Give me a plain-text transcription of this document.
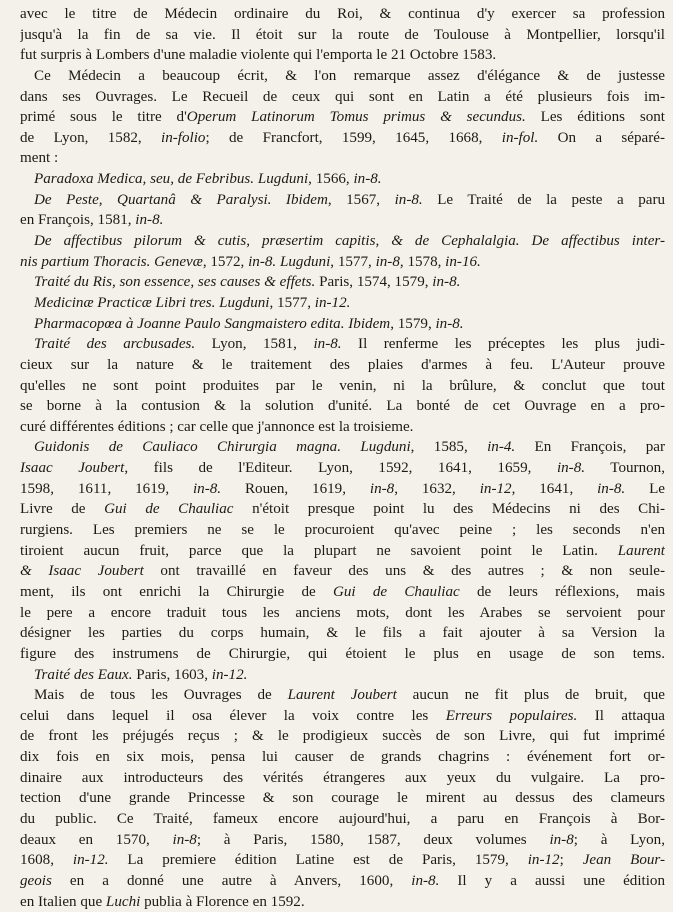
avec le titre de Médecin ordinaire du Roi, & continua d'y exercer sa profession
jusqu'à la fin de sa vie. Il étoit sur la route de Toulouse à Montpellier, lorsqu'il
fut surpris à Lombers d'une maladie violente qui l'emporta le 21 Octobre 1583.
Ce Médecin a beaucoup écrit, & l'on remarque assez d'élégance & de justesse
dans ses Ouvrages. Le Recueil de ceux qui sont en Latin a été plusieurs fois im-
primé sous le titre d'Operum Latinorum Tomus primus & secundus. Les éditions sont
de Lyon, 1582, in-folio; de Francfort, 1599, 1645, 1668, in-fol. On a séparé-
ment :
Paradoxa Medica, seu, de Febribus. Lugduni, 1566, in-8.
De Peste, Quartanâ & Paralysi. Ibidem, 1567, in-8. Le Traité de la peste a paru
en François, 1581, in-8.
De affectibus pilorum & cutis, præsertim capitis, & de Cephalalgia. De affectibus inter-
nis partium Thoracis. Genevæ, 1572, in-8. Lugduni, 1577, in-8, 1578, in-16.
Traité du Ris, son essence, ses causes & effets. Paris, 1574, 1579, in-8.
Medicinæ Practicæ Libri tres. Lugduni, 1577, in-12.
Pharmacopœa à Joanne Paulo Sangmaistero edita. Ibidem, 1579, in-8.
Traité des arcbusades. Lyon, 1581, in-8. Il renferme les préceptes les plus judi-
cieux sur la nature & le traitement des plaies d'armes à feu. L'Auteur prouve
qu'elles ne sont point produites par le venin, ni la brûlure, & conclut que tout
se borne à la contusion & la solution d'unité. La bonté de cet Ouvrage en a pro-
curé différentes éditions ; car celle que j'annonce est la troisieme.
Guidonis de Cauliaco Chirurgia magna. Lugduni, 1585, in-4. En François, par
Isaac Joubert, fils de l'Editeur. Lyon, 1592, 1641, 1659, in-8. Tournon,
1598, 1611, 1619, in-8. Rouen, 1619, in-8, 1632, in-12, 1641, in-8. Le
Livre de Gui de Chauliac n'étoit presque point lu des Médecins ni des Chi-
rurgiens. Les premiers ne se le procuroient qu'avec peine ; les seconds n'en
tiroient aucun fruit, parce que la plupart ne savoient point le Latin. Laurent
& Isaac Joubert ont travaillé en faveur des uns & des autres ; & non seule-
ment, ils ont enrichi la Chirurgie de Gui de Chauliac de leurs réflexions, mais
le pere a encore traduit tous les anciens mots, dont les Arabes se servoient pour
désigner les parties du corps humain, & le fils a fait ajouter à sa Version la
figure des instrumens de Chirurgie, qui étoient le plus en usage de son tems.
Traité des Eaux. Paris, 1603, in-12.
Mais de tous les Ouvrages de Laurent Joubert aucun ne fit plus de bruit, que
celui dans lequel il osa élever la voix contre les Erreurs populaires. Il attaqua
de front les préjugés reçus ; & le prodigieux succès de son Livre, qui fut imprimé
dix fois en six mois, pensa lui causer de grands chagrins : événement fort or-
dinaire aux introducteurs des vérités étrangeres aux yeux du vulgaire. La pro-
tection d'une grande Princesse & son courage le mirent au dessus des clameurs
du public. Ce Traité, fameux encore aujourd'hui, a paru en François à Bor-
deaux en 1570, in-8; à Paris, 1580, 1587, deux volumes in-8; à Lyon,
1608, in-12. La premiere édition Latine est de Paris, 1579, in-12; Jean Bour-
geois en a donné une autre à Anvers, 1600, in-8. Il y a aussi une édition
en Italien que Luchi publia à Florence en 1592.
